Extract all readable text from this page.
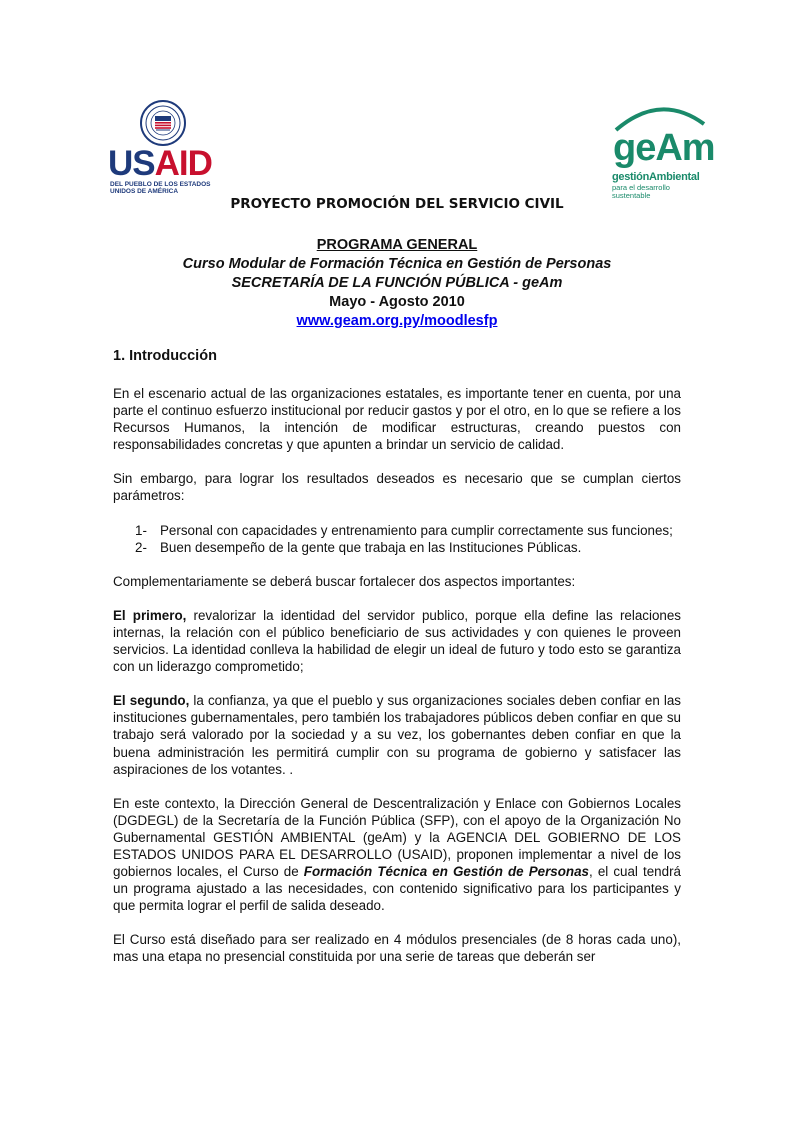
USAID
DEL PUEBLO DE LOS ESTADOS
UNIDOS DE AMÉRICA
geAm
gestiónAmbiental
para el desarrollo sustentable
PROYECTO PROMOCIÓN DEL SERVICIO CIVIL
PROGRAMA GENERAL
Curso Modular de Formación Técnica en Gestión de Personas
SECRETARÍA DE LA FUNCIÓN PÚBLICA - geAm
Mayo - Agosto 2010
www.geam.org.py/moodlesfp
1. Introducción

En el escenario actual de las organizaciones estatales, es importante tener en cuenta, por una parte el continuo esfuerzo institucional por reducir gastos y por el otro, en lo que se refiere a los Recursos Humanos, la intención de modificar estructuras, creando puestos con responsabilidades concretas y que apunten a brindar un servicio de calidad.

Sin embargo, para lograr los resultados deseados es necesario que se cumplan ciertos parámetros:

1- Personal con capacidades y entrenamiento para cumplir correctamente sus funciones;
2- Buen desempeño de la gente que trabaja en las Instituciones Públicas.

Complementariamente se deberá buscar fortalecer dos aspectos importantes:

El primero, revalorizar la identidad del servidor publico, porque ella define las relaciones internas, la relación con el público beneficiario de sus actividades y con quienes le proveen servicios. La identidad conlleva la habilidad de elegir un ideal de futuro y todo esto se garantiza con un liderazgo comprometido;

El segundo, la confianza, ya que el pueblo y sus organizaciones sociales deben confiar en las instituciones gubernamentales, pero también los trabajadores públicos deben confiar en que su trabajo será valorado por la sociedad y a su vez, los gobernantes deben confiar en que la buena administración les permitirá cumplir con su programa de gobierno y satisfacer las aspiraciones de los votantes. .

En este contexto, la Dirección General de Descentralización y Enlace con Gobiernos Locales (DGDEGL) de la Secretaría de la Función Pública (SFP), con el apoyo de la Organización No Gubernamental GESTIÓN AMBIENTAL (geAm) y la AGENCIA DEL GOBIERNO DE LOS ESTADOS UNIDOS PARA EL DESARROLLO (USAID), proponen implementar a nivel de los gobiernos locales, el Curso de Formación Técnica en Gestión de Personas, el cual tendrá un programa ajustado a las necesidades, con contenido significativo para los participantes y que permita lograr el perfil de salida deseado.

El Curso está diseñado para ser realizado en 4 módulos presenciales (de 8 horas cada uno), mas una etapa no presencial constituida por una serie de tareas que deberán ser
